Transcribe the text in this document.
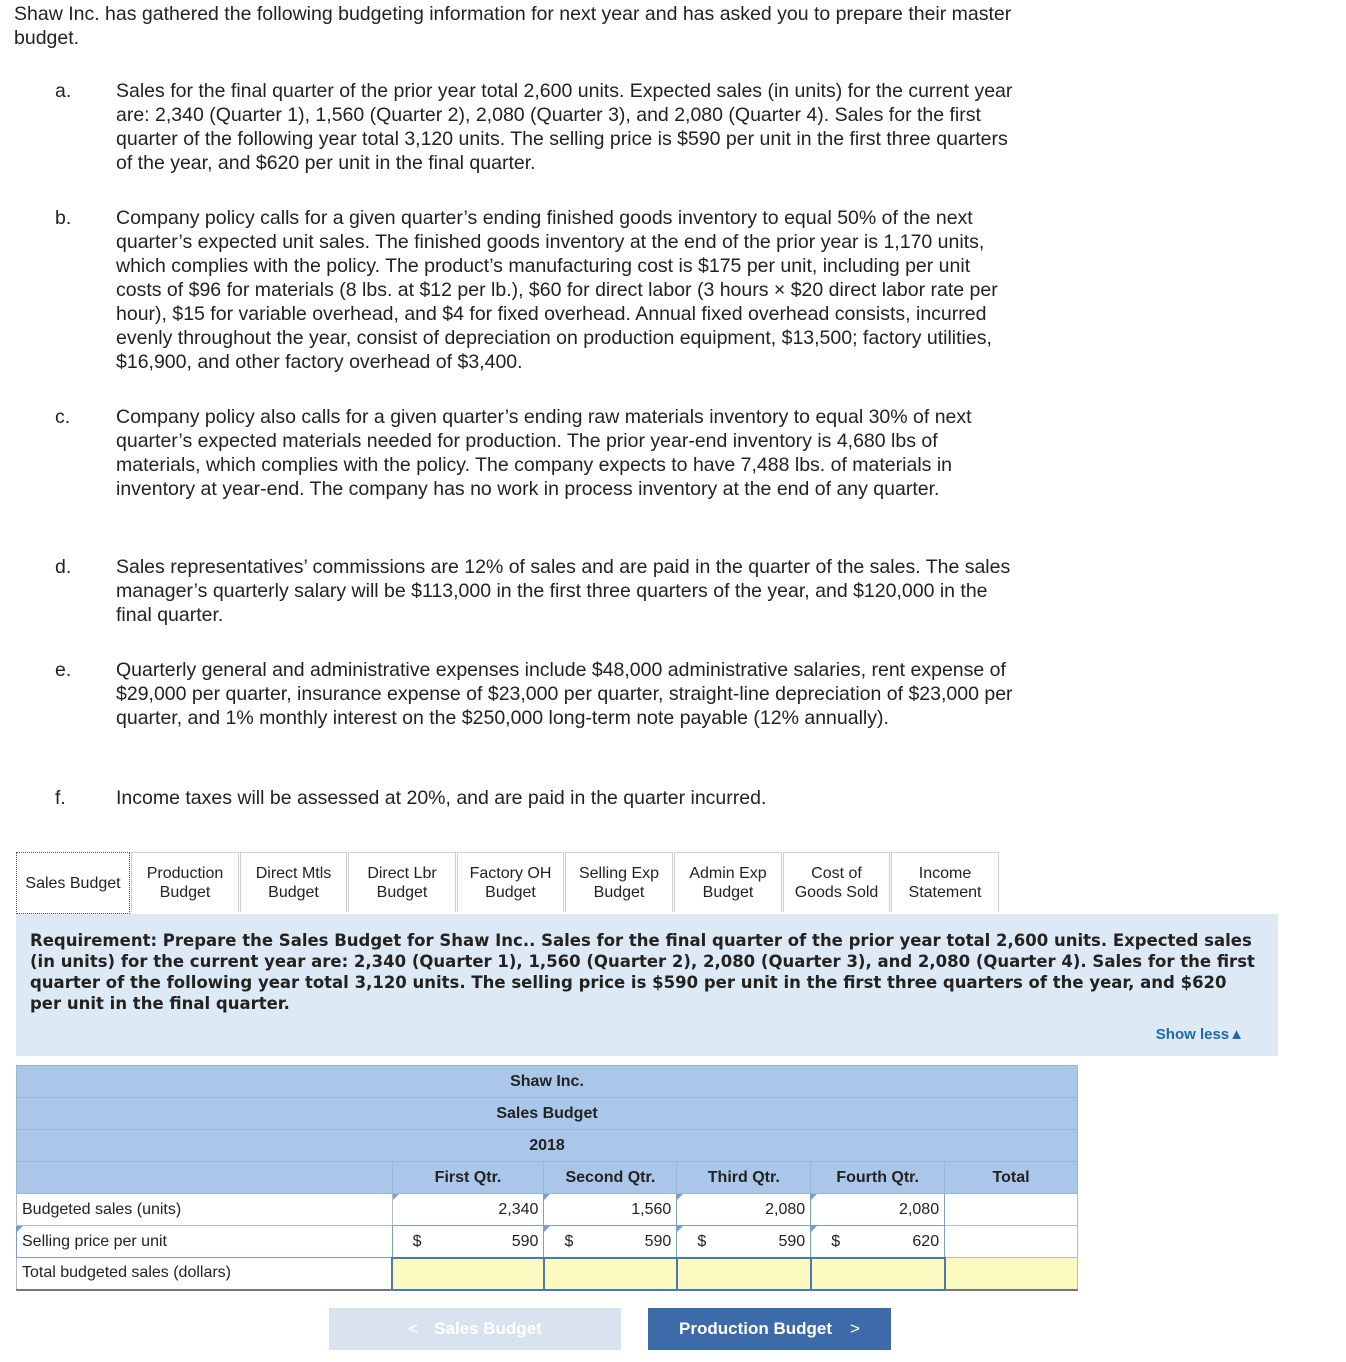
Shaw Inc. has gathered the following budgeting information for next year and has asked you to prepare their master budget.
a. Sales for the final quarter of the prior year total 2,600 units. Expected sales (in units) for the current year are: 2,340 (Quarter 1), 1,560 (Quarter 2), 2,080 (Quarter 3), and 2,080 (Quarter 4). Sales for the first quarter of the following year total 3,120 units. The selling price is $590 per unit in the first three quarters of the year, and $620 per unit in the final quarter.
b. Company policy calls for a given quarter’s ending finished goods inventory to equal 50% of the next quarter’s expected unit sales. The finished goods inventory at the end of the prior year is 1,170 units, which complies with the policy. The product’s manufacturing cost is $175 per unit, including per unit costs of $96 for materials (8 lbs. at $12 per lb.), $60 for direct labor (3 hours × $20 direct labor rate per hour), $15 for variable overhead, and $4 for fixed overhead. Annual fixed overhead consists, incurred evenly throughout the year, consist of depreciation on production equipment, $13,500; factory utilities, $16,900, and other factory overhead of $3,400.
c. Company policy also calls for a given quarter’s ending raw materials inventory to equal 30% of next quarter’s expected materials needed for production. The prior year-end inventory is 4,680 lbs of materials, which complies with the policy. The company expects to have 7,488 lbs. of materials in inventory at year-end. The company has no work in process inventory at the end of any quarter.
d. Sales representatives’ commissions are 12% of sales and are paid in the quarter of the sales. The sales manager’s quarterly salary will be $113,000 in the first three quarters of the year, and $120,000 in the final quarter.
e. Quarterly general and administrative expenses include $48,000 administrative salaries, rent expense of $29,000 per quarter, insurance expense of $23,000 per quarter, straight-line depreciation of $23,000 per quarter, and 1% monthly interest on the $250,000 long-term note payable (12% annually).
f.	Income taxes will be assessed at 20%, and are paid in the quarter incurred.
Sales Budget
Production Budget
Direct Mtls Budget
Direct Lbr Budget
Factory OH Budget
Selling Exp Budget
Admin Exp Budget
Cost of Goods Sold
Income Statement
Requirement: Prepare the Sales Budget for Shaw Inc.. Sales for the final quarter of the prior year total 2,600 units. Expected sales (in units) for the current year are: 2,340 (Quarter 1), 1,560 (Quarter 2), 2,080 (Quarter 3), and 2,080 (Quarter 4). Sales for the first quarter of the following year total 3,120 units. The selling price is $590 per unit in the first three quarters of the year, and $620 per unit in the final quarter.
Show less▲
Shaw Inc.					
Sales Budget					
2018					
	First Qtr.	Second Qtr.	Third Qtr.	Fourth Qtr.	Total
Budgeted sales (units)	2,340	1,560	2,080	2,080	

Selling price per unit	$ 590	$ 590	$ 590	$ 620	

Total budgeted sales (dollars)					
< Sales Budget	Production Budget >
